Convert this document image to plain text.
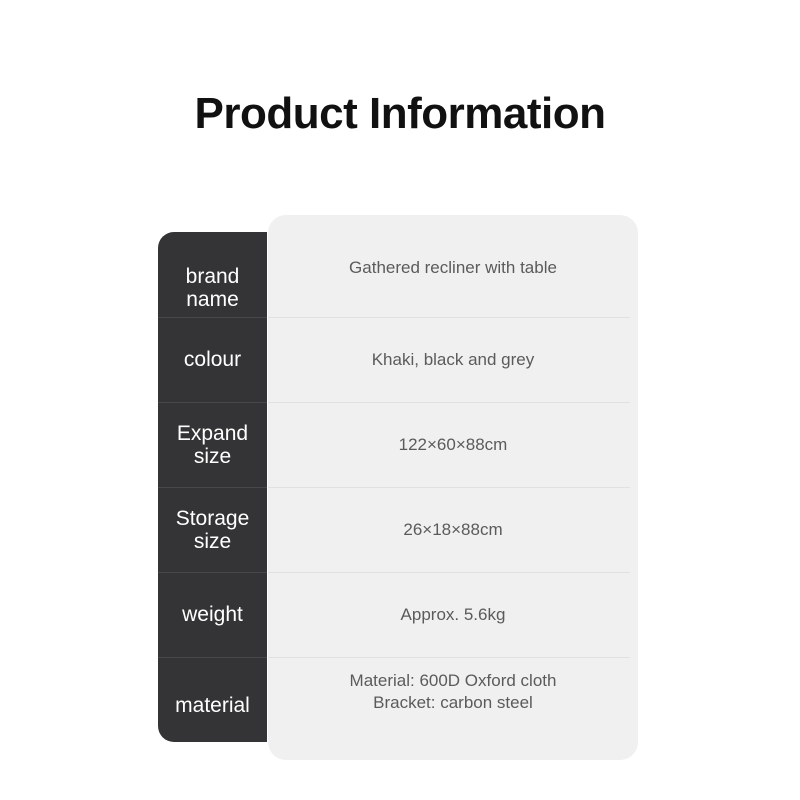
Product Information
Gathered recliner with table
Khaki, black and grey
122×60×88cm
26×18×88cm
Approx. 5.6kg
Material: 600D Oxford cloth
Bracket: carbon steel
brand
name
colour
Expand
size
Storage
size
weight
material
